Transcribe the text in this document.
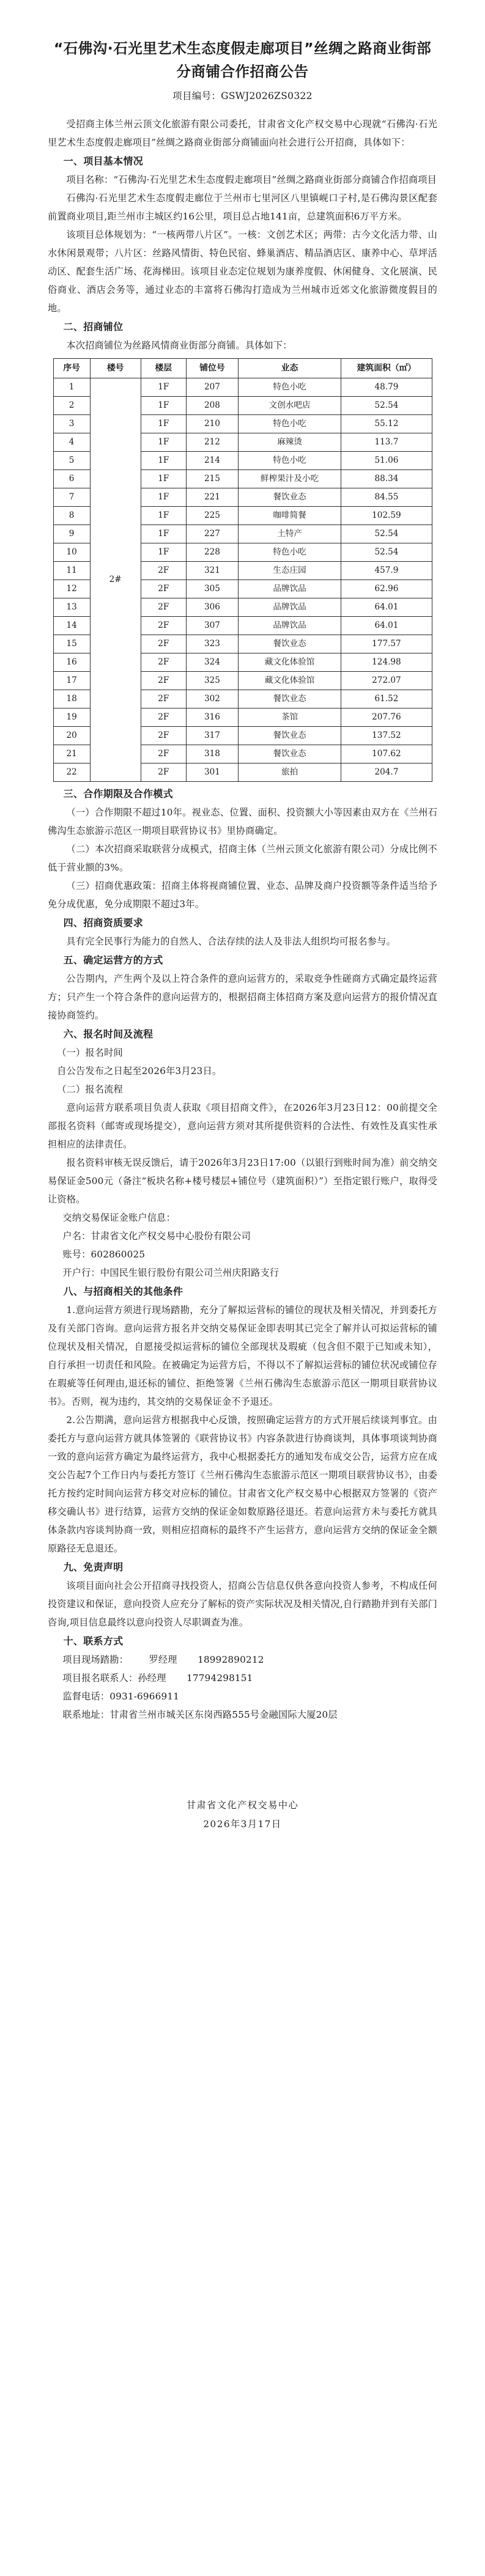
“石佛沟·石光里艺术生态度假走廊项目”丝绸之路商业街部分商铺合作招商公告
项目编号：GSWJ2026ZS0322

受招商主体兰州云顶文化旅游有限公司委托，甘肃省文化产权交易中心现就“石佛沟·石光里艺术生态度假走廊项目”丝绸之路商业街部分商铺面向社会进行公开招商，具体如下：

一、项目基本情况

项目名称：“石佛沟·石光里艺术生态度假走廊项目”丝绸之路商业街部分商铺合作招商项目

石佛沟·石光里艺术生态度假走廊位于兰州市七里河区八里镇岘口子村,是石佛沟景区配套前置商业项目,距兰州市主城区约16公里，项目总占地141亩，总建筑面积6万平方米。

该项目总体规划为：“一核两带八片区”。一核：文创艺术区；两带：古今文化活力带、山水休闲景观带；八片区：丝路风情街、特色民宿、蜂巢酒店、精品酒店区、康养中心、草坪活动区、配套生活广场、花海梯田。该项目业态定位规划为康养度假、休闲健身、文化展演、民俗商业、酒店会务等，通过业态的丰富将石佛沟打造成为兰州城市近郊文化旅游微度假目的地。

二、招商铺位

本次招商铺位为丝路风情商业街部分商铺。具体如下：

序号	楼号	楼层	铺位号	业态	建筑面积（㎡）
1	2#	1F	207	特色小吃	48.79
2		1F	208	文创水吧店	52.54
3		1F	210	特色小吃	55.12
4		1F	212	麻辣烫	113.7
5		1F	214	特色小吃	51.06
6		1F	215	鲜榨果汁及小吃	88.34
7		1F	221	餐饮业态	84.55
8		1F	225	咖啡简餐	102.59
9		1F	227	土特产	52.54
10		1F	228	特色小吃	52.54
11		2F	321	生态庄园	457.9
12		2F	305	品牌饮品	62.96
13		2F	306	品牌饮品	64.01
14		2F	307	品牌饮品	64.01
15		2F	323	餐饮业态	177.57
16		2F	324	藏文化体验馆	124.98
17		2F	325	藏文化体验馆	272.07
18		2F	302	餐饮业态	61.52
19		2F	316	茶馆	207.76
20		2F	317	餐饮业态	137.52
21		2F	318	餐饮业态	107.62
22		2F	301	旅拍	204.7
三、合作期限及合作模式

（一）合作期限不超过10年。视业态、位置、面积、投资额大小等因素由双方在《兰州石佛沟生态旅游示范区一期项目联营协议书》里协商确定。

（二）本次招商采取联营分成模式，招商主体（兰州云顶文化旅游有限公司）分成比例不低于营业额的3%。

（三）招商优惠政策：招商主体将视商铺位置、业态、品牌及商户投资额等条件适当给予免分成优惠，免分成期限不超过3年。

四、招商资质要求

具有完全民事行为能力的自然人、合法存续的法人及非法人组织均可报名参与。

五、确定运营方的方式

公告期内，产生两个及以上符合条件的意向运营方的，采取竞争性磋商方式确定最终运营方；只产生一个符合条件的意向运营方的，根据招商主体招商方案及意向运营方的报价情况直接协商签约。

六、报名时间及流程

（一）报名时间

自公告发布之日起至2026年3月23日。

（二）报名流程

意向运营方联系项目负责人获取《项目招商文件》，在2026年3月23日12：00前提交全部报名资料（邮寄或现场提交），意向运营方须对其所提供资料的合法性、有效性及真实性承担相应的法律责任。

报名资料审核无误反馈后，请于2026年3月23日17:00（以银行到账时间为准）前交纳交易保证金500元（备注“板块名称+楼号楼层+铺位号（建筑面积）”）至指定银行账户，取得受让资格。

交纳交易保证金账户信息：

户名：甘肃省文化产权交易中心股份有限公司

账号：602860025

开户行：中国民生银行股份有限公司兰州庆阳路支行

八、与招商相关的其他条件

1.意向运营方须进行现场踏勘，充分了解拟运营标的铺位的现状及相关情况，并到委托方及有关部门咨询。意向运营方报名并交纳交易保证金即表明其已完全了解并认可拟运营标的铺位现状及相关情况，自愿接受拟运营标的铺位全部现状及瑕疵（包含但不限于已知或未知），自行承担一切责任和风险。在被确定为运营方后，不得以不了解拟运营标的铺位状况或铺位存在瑕疵等任何理由,退还标的铺位、拒绝签署《兰州石佛沟生态旅游示范区一期项目联营协议书》。否则，视为违约，其交纳的交易保证金不予退还。

2.公告期满，意向运营方根据我中心反馈，按照确定运营方的方式开展后续谈判事宜。由委托方与意向运营方就具体签署的《联营协议书》内容条款进行协商谈判，具体事项谈判协商一致的意向运营方确定为最终运营方，我中心根据委托方的通知发布成交公告，运营方应在成交公告起7个工作日内与委托方签订《兰州石佛沟生态旅游示范区一期项目联营协议书》，由委托方按约定时间向运营方移交对应标的铺位。甘肃省文化产权交易中心根据双方签署的《资产移交确认书》进行结算，运营方交纳的保证金如数原路径退还。若意向运营方未与委托方就具体条款内容谈判协商一致，则相应招商标的最终不产生运营方，意向运营方交纳的保证金全额原路径无息退还。

九、免责声明

该项目面向社会公开招商寻找投资人，招商公告信息仅供各意向投资人参考，不构成任何投资建议和保证，意向投资人应充分了解标的资产实际状况及相关情况,自行踏勘并到有关部门咨询,项目信息最终以意向投资人尽职调查为准。

十、联系方式

项目现场踏勘： 罗经理 18992890212

项目报名联系人：孙经理 17794298151

监督电话：0931-6966911

联系地址：甘肃省兰州市城关区东岗西路555号金融国际大厦20层

甘肃省文化产权交易中心
2026年3月17日
